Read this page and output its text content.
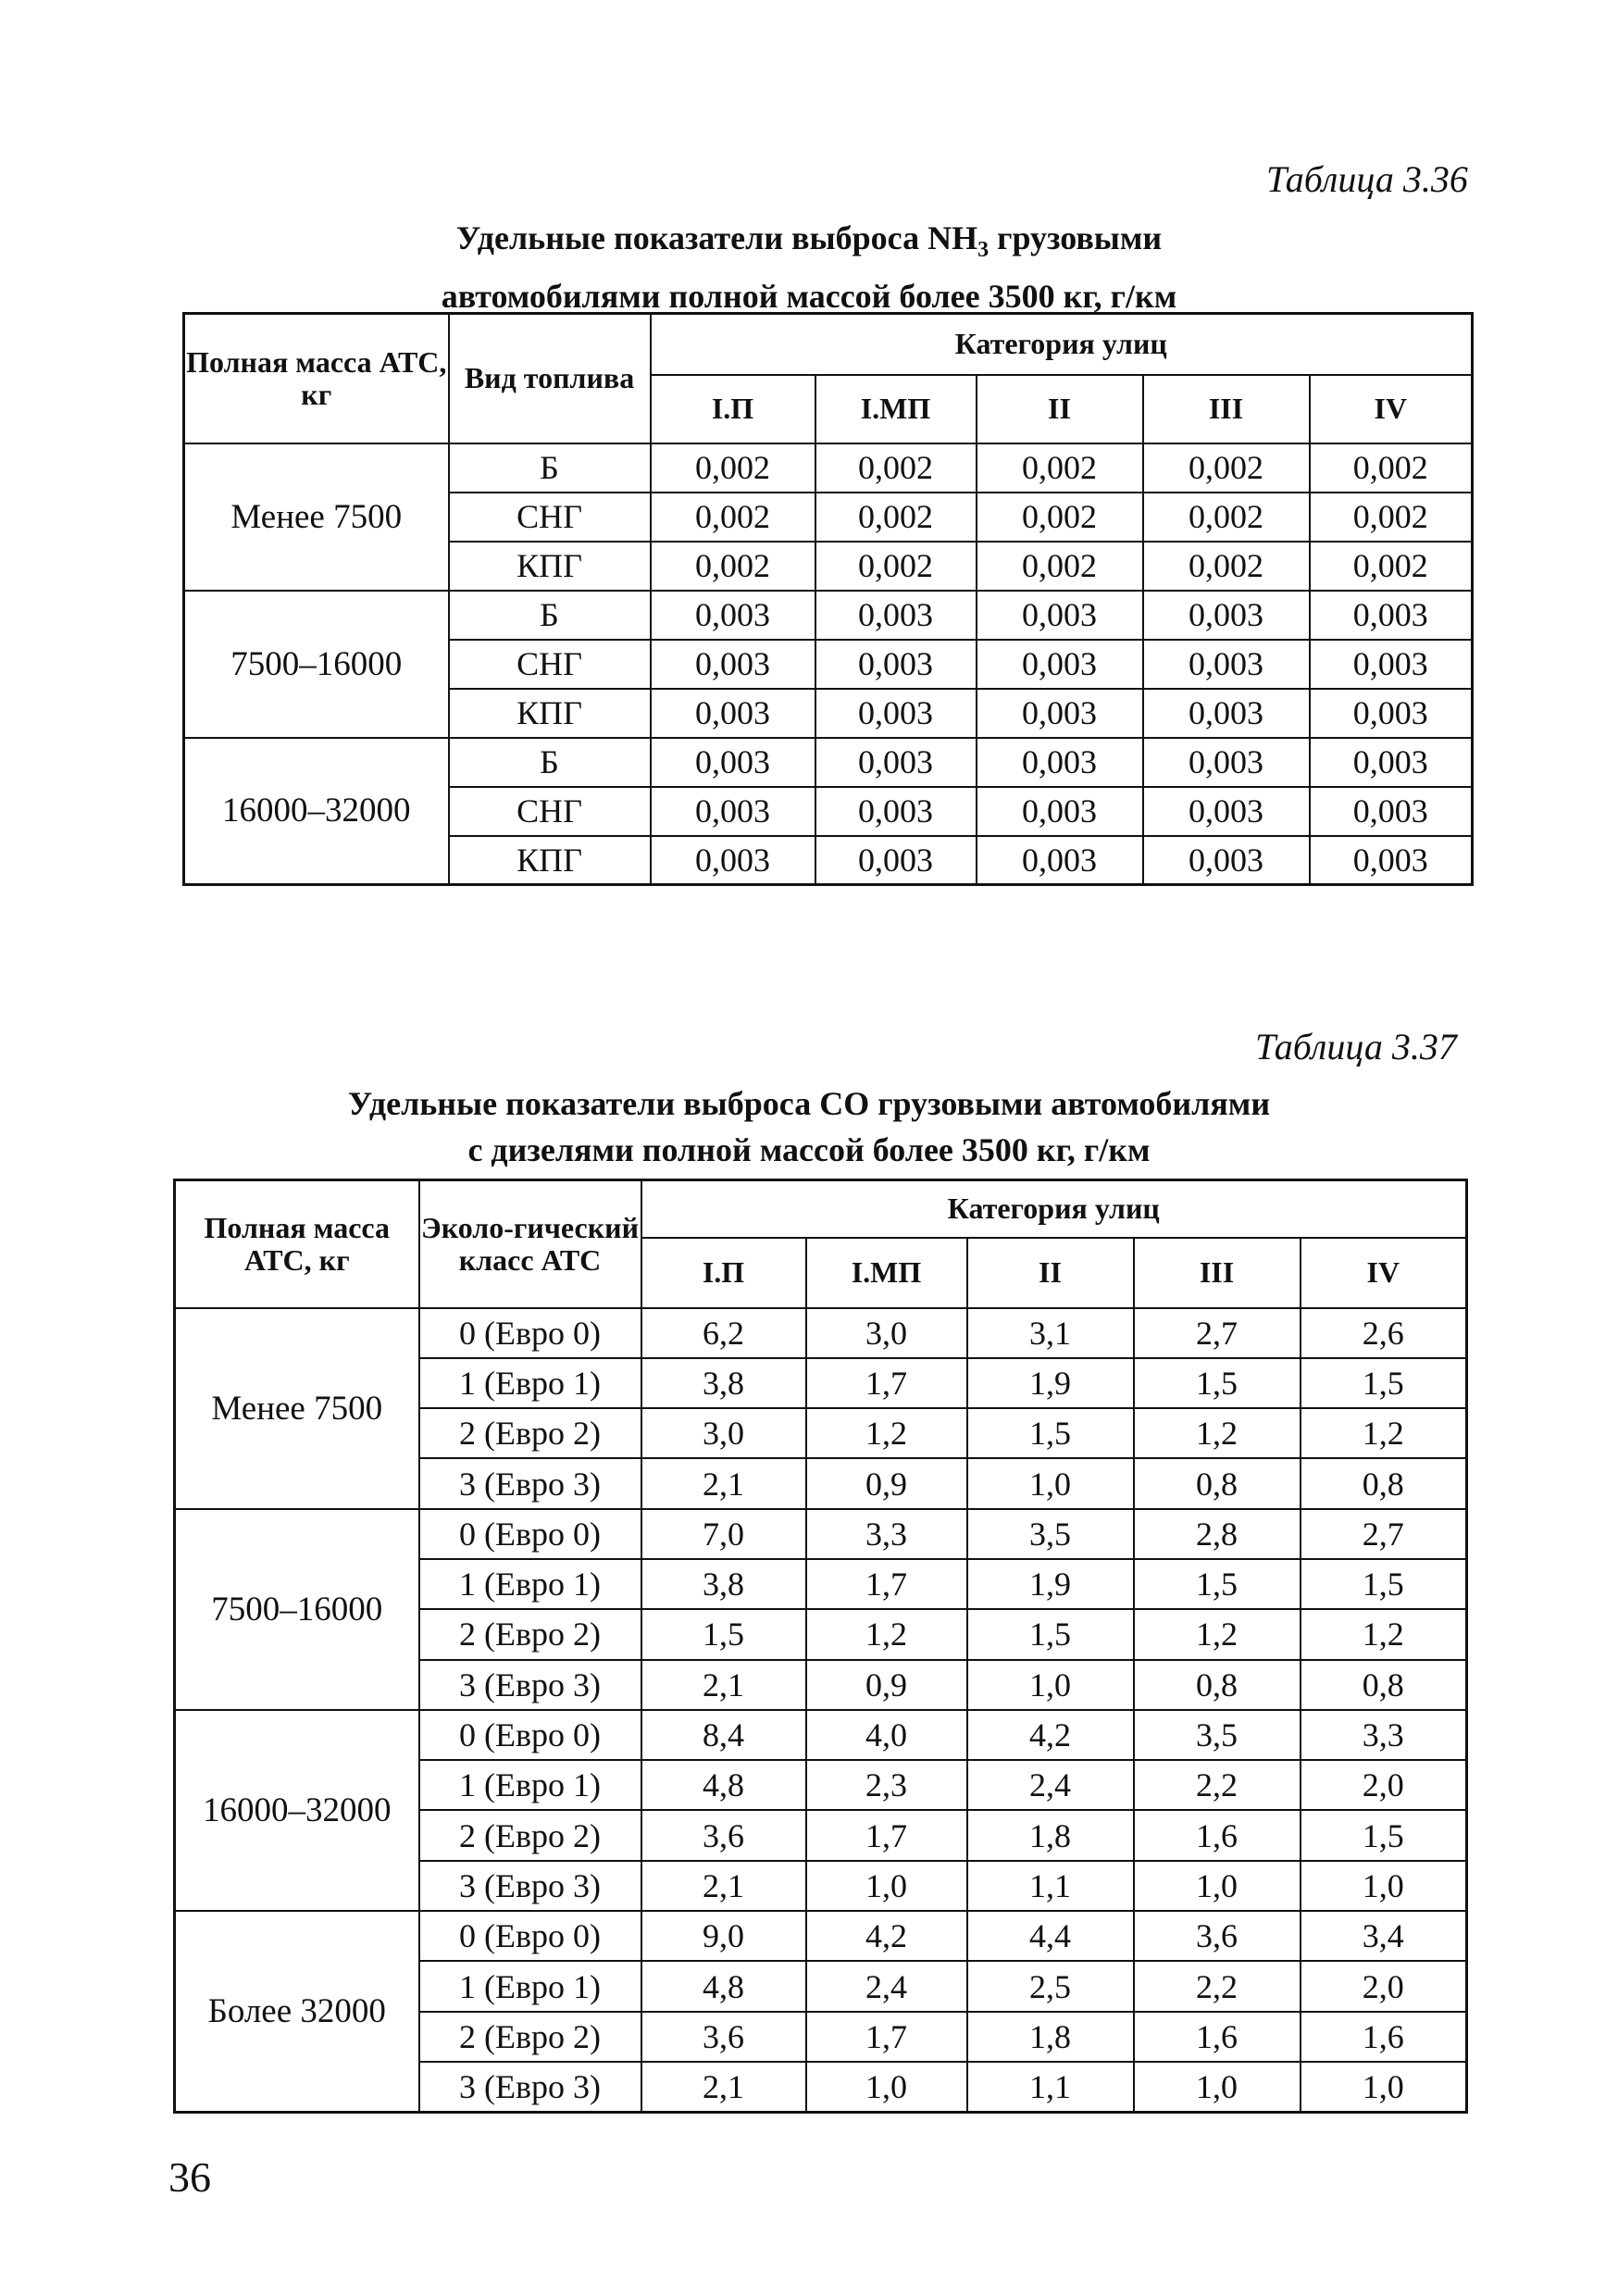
Таблица 3.36
Удельные показатели выброса $NH_3$ грузовыми
автомобилями полной массой более 3500 кг, г/км
Полная масса АТС, кг	Вид топлива	Категория улиц				
		I.П	I.МП	II	III	IV
Менее 7500	Б	0,002	0,002	0,002	0,002	0,002
	СНГ	0,002	0,002	0,002	0,002	0,002
	КПГ	0,002	0,002	0,002	0,002	0,002
7500–16000	Б	0,003	0,003	0,003	0,003	0,003
	СНГ	0,003	0,003	0,003	0,003	0,003
	КПГ	0,003	0,003	0,003	0,003	0,003
16000–32000	Б	0,003	0,003	0,003	0,003	0,003
	СНГ	0,003	0,003	0,003	0,003	0,003
	КПГ	0,003	0,003	0,003	0,003	0,003
Таблица 3.37
Удельные показатели выброса СО грузовыми автомобилями
с дизелями полной массой более 3500 кг, г/км
Полная масса АТС, кг	Эколо-гический класс АТС	Категория улиц				
		I.П	I.МП	II	III	IV
Менее 7500	0 (Евро 0)	6,2	3,0	3,1	2,7	2,6
	1 (Евро 1)	3,8	1,7	1,9	1,5	1,5
	2 (Евро 2)	3,0	1,2	1,5	1,2	1,2
	3 (Евро 3)	2,1	0,9	1,0	0,8	0,8
7500–16000	0 (Евро 0)	7,0	3,3	3,5	2,8	2,7
	1 (Евро 1)	3,8	1,7	1,9	1,5	1,5
	2 (Евро 2)	1,5	1,2	1,5	1,2	1,2
	3 (Евро 3)	2,1	0,9	1,0	0,8	0,8
16000–32000	0 (Евро 0)	8,4	4,0	4,2	3,5	3,3
	1 (Евро 1)	4,8	2,3	2,4	2,2	2,0
	2 (Евро 2)	3,6	1,7	1,8	1,6	1,5
	3 (Евро 3)	2,1	1,0	1,1	1,0	1,0
Более 32000	0 (Евро 0)	9,0	4,2	4,4	3,6	3,4
	1 (Евро 1)	4,8	2,4	2,5	2,2	2,0
	2 (Евро 2)	3,6	1,7	1,8	1,6	1,6
	3 (Евро 3)	2,1	1,0	1,1	1,0	1,0
36
